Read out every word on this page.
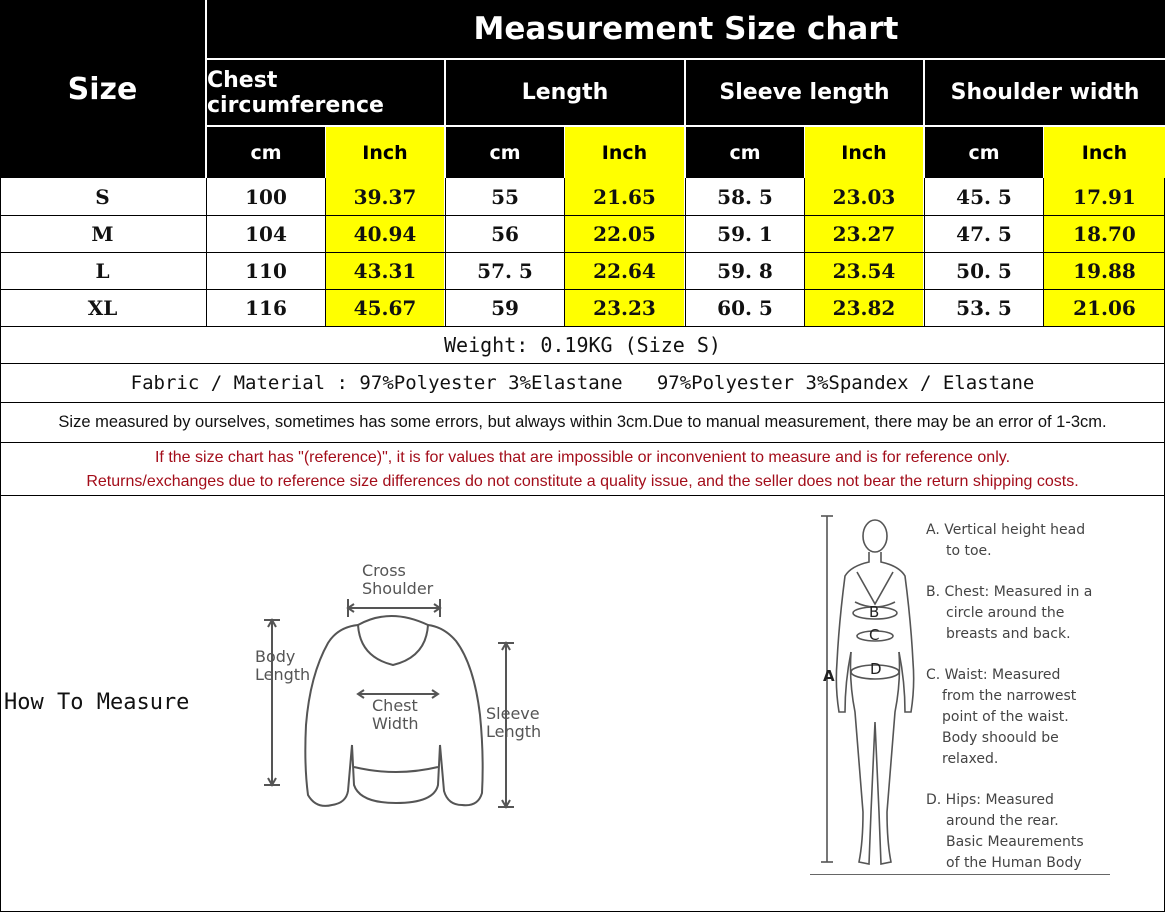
Measurement Size chart
Size	Chest circumference	Length	Sleeve length	Shoulder width
cm	Inch	cm	Inch	cm	Inch	cm	Inch
S	100	39.37	55	21.65	58. 5	23.03	45. 5	17.91
M	104	40.94	56	22.05	59. 1	23.27	47. 5	18.70
L	110	43.31	57. 5	22.64	59. 8	23.54	50. 5	19.88
XL	116	45.67	59	23.23	60. 5	23.82	53. 5	21.06
Weight: 0.19KG (Size S)
Fabric / Material : 97%Polyester 3%Elastane   97%Polyester 3%Spandex / Elastane
Size measured by ourselves, sometimes has some errors, but always within 3cm.Due to manual measurement, there may be an error of 1-3cm.
If the size chart has "(reference)", it is for values that are impossible or inconvenient to measure and is for reference only.
Returns/exchanges due to reference size differences do not constitute a quality issue, and the seller does not bear the return shipping costs.
How To Measure
Cross
Shoulder
Body
Length
Chest
Width
Sleeve
Length
B
C
D
A
A. Vertical height head
to toe.
B. Chest: Measured in a
circle around the
breasts and back.
C. Waist: Measured
from the narrowest
point of the waist.
Body shoould be
relaxed.
D. Hips: Measured
around the rear.
Basic Meaurements
of the Human Body
